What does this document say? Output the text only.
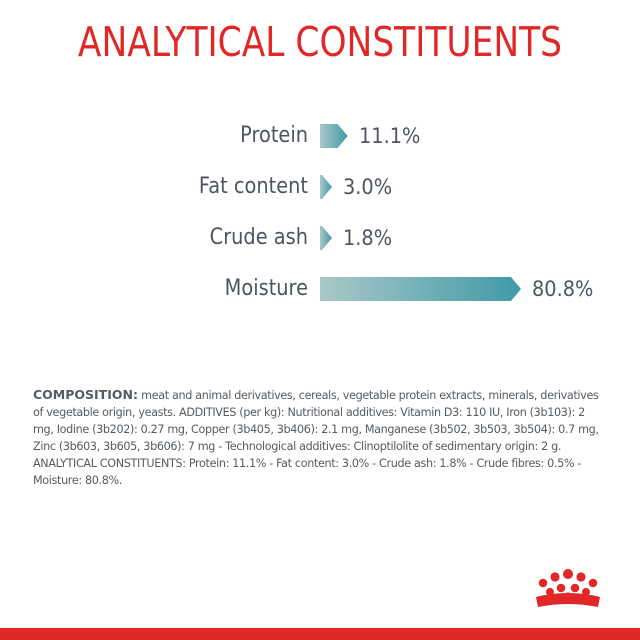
ANALYTICAL CONSTITUENTS
Protein 11.1%
Fat content 3.0%
Crude ash 1.8%
Moisture	80.8%
COMPOSITION: meat and animal derivatives, cereals, vegetable protein extracts, minerals, derivatives of vegetable origin, yeasts. ADDITIVES (per kg): Nutritional additives: Vitamin D3: 110 IU, Iron (3b103): 2 mg, Iodine (3b202): 0.27 mg, Copper (3b405, 3b406): 2.1 mg, Manganese (3b502, 3b503, 3b504): 0.7 mg, Zinc (3b603, 3b605, 3b606): 7 mg - Technological additives: Clinoptilolite of sedimentary origin: 2 g. ANALYTICAL CONSTITUENTS: Protein: 11.1% - Fat content: 3.0% - Crude ash: 1.8% - Crude fibres: 0.5% - Moisture: 80.8%.
